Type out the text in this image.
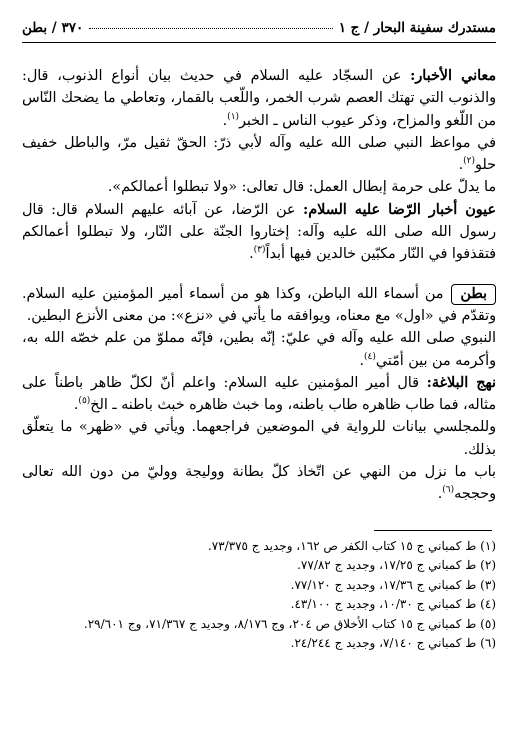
٣٧٠ / بطن	مستدرك سفينة البحار / ج ١

معاني الأخبار: عن السجّاد عليه السلام في حديث بيان أنواع الذنوب، قال: والذنوب التي تهتك العصم شرب الخمر، واللّعب بالقمار، وتعاطي ما يضحك النّاس من اللّغو والمزاح، وذكر عيوب الناس ـ الخبر$^{(١)}$.

في مواعظ النبي صلى الله عليه وآله لأبي ذرّ: الحقّ ثقيل مرّ، والباطل خفيف حلو$^{(٢)}$.

ما يدلّ على حرمة إبطال العمل: قال تعالى: «ولا تبطلوا أعمالكم».

عيون أخبار الرّضا عليه السلام: عن الرّضا، عن آبائه عليهم السلام قال: قال رسول الله صلى الله عليه وآله: إختاروا الجنّة على النّار، ولا تبطلوا أعمالكم فتقذفوا في النّار مكبّين خالدين فيها أبداً$^{(٣)}$.

بطنمن أسماء الله الباطن، وكذا هو من أسماء أمير المؤمنين عليه السلام. وتقدّم في «اول» مع معناه، ويوافقه ما يأتي في «نزع»: من معنى الأنزع البطين.

النبوي صلى الله عليه وآله في عليّ: إنّه بطين، فإنّه مملوّ من علم خصّه الله به، وأكرمه من بين أمّتي$^{(٤)}$.

نهج البلاغة: قال أمير المؤمنين عليه السلام: واعلم أنّ لكلّ ظاهر باطناً على مثاله، فما طاب ظاهره طاب باطنه، وما خبث ظاهره خبث باطنه ـ الخ$^{(٥)}$.

وللمجلسي بيانات للرواية في الموضعين فراجعهما. ويأتي في «ظهر» ما يتعلّق بذلك.

باب ما نزل من النهي عن اتّخاذ كلّ بطانة ووليجة ووليّ من دون الله تعالى وحججه$^{(٦)}$.

(١) ط كمباني ج ١٥ كتاب الكفر ص ١٦٢، وجديد ج ٧٣/٣٧٥.

(٢) ط كمباني ج ١٧/٢٥، وجديد ج ٧٧/٨٢.

(٣) ط كمباني ج ١٧/٣٦، وجديد ج ٧٧/١٢٠.

(٤) ط كمباني ج ١٠/٣٠، وجديد ج ٤٣/١٠٠.

(٥) ط كمباني ج ١٥ كتاب الأخلاق ص ٢٠٤، وج ٨/١٧٦، وجديد ج ٧١/٣٦٧، وج ٢٩/٦٠١.

(٦) ط كمباني ج ٧/١٤٠، وجديد ج ٢٤/٢٤٤.
